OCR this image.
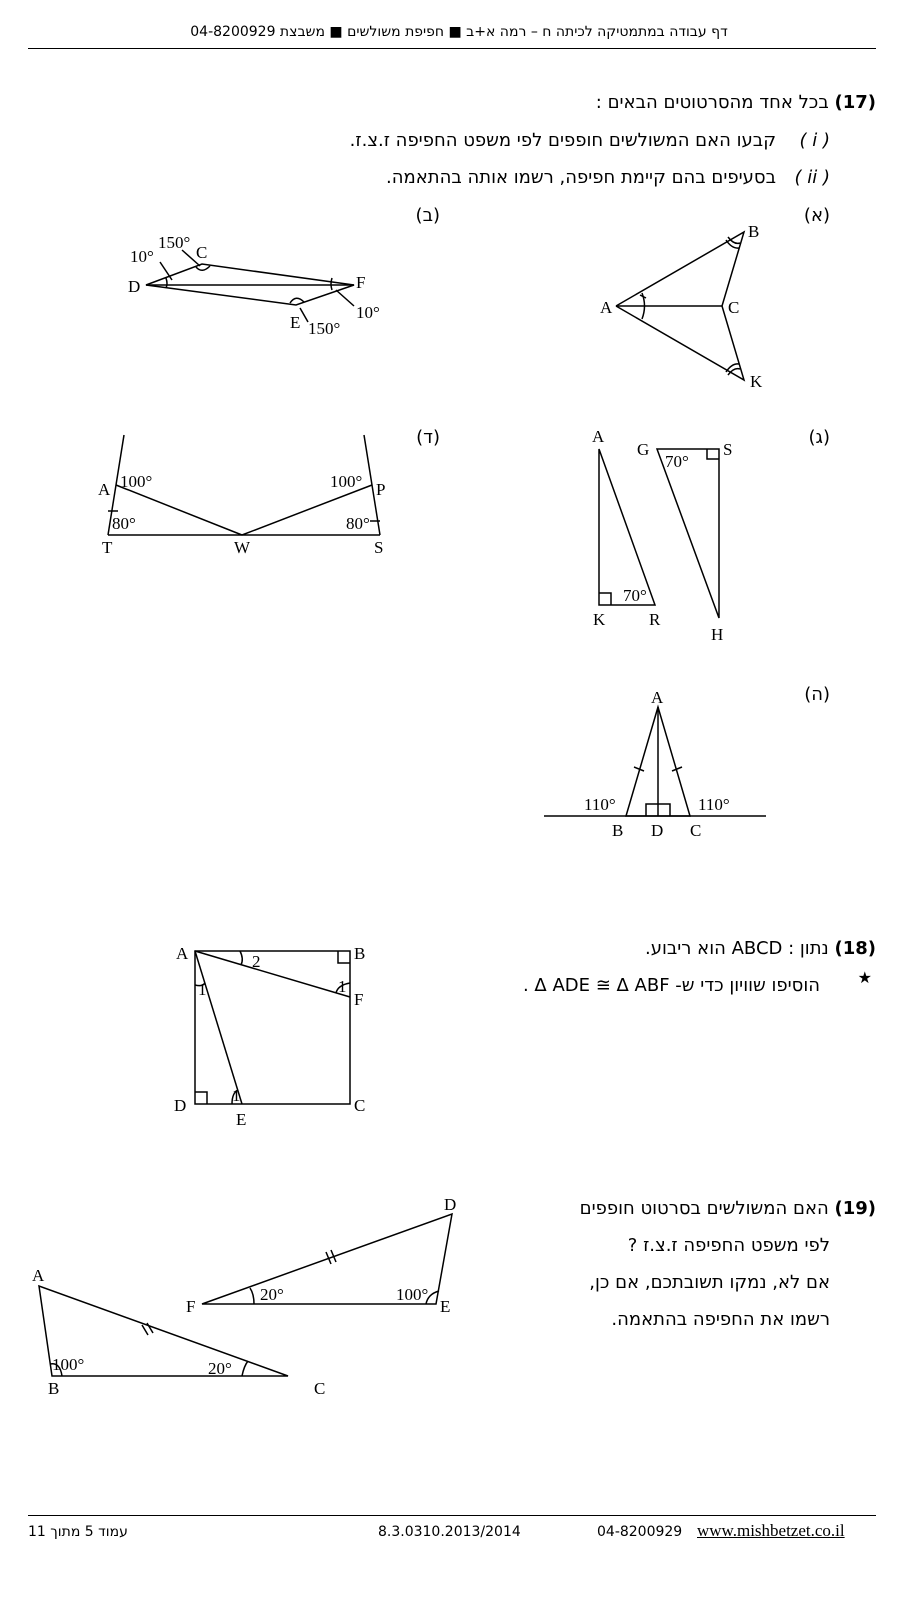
דף עבודה במתמטיקה לכיתה ח – רמה א+ב ■ חפיפת משולשים ■ משבצת 04-8200929
(17) בכל אחד מהסרטוטים הבאים :
( i )
קבעו האם המשולשים חופפים לפי משפט החפיפה ז.צ.ז.
( ii )
בסעיפים בהם קיימת חפיפה, רשמו אותה בהתאמה.
(א)
(ב)
(ג)
(ד)
(ה)
A
B
C
K
D
C
F
E
10°
150°
10°
150°
A
K	R
G	S
H
70°
70°
A
T	W
P
S
100°
80°
100°
80°
A
B D C
110°	110°
(18) נתון : ABCD הוא ריבוע.
★
הוסיפו שוויון כדי ש- Δ ADE ≅ Δ ABF .
A	B
F
C
D
E
1	1
1
2
(19) האם המשולשים בסרטוט חופפים
לפי משפט החפיפה ז.צ.ז ?
אם לא, נמקו תשובתכם, אם כן,
רשמו את החפיפה בהתאמה.
A
B	C
D
E
F
100°	20°
20°	100°
עמוד 5 מתוך 11	8.3.0310.2013/2014	04-8200929 www.mishbetzet.co.il
